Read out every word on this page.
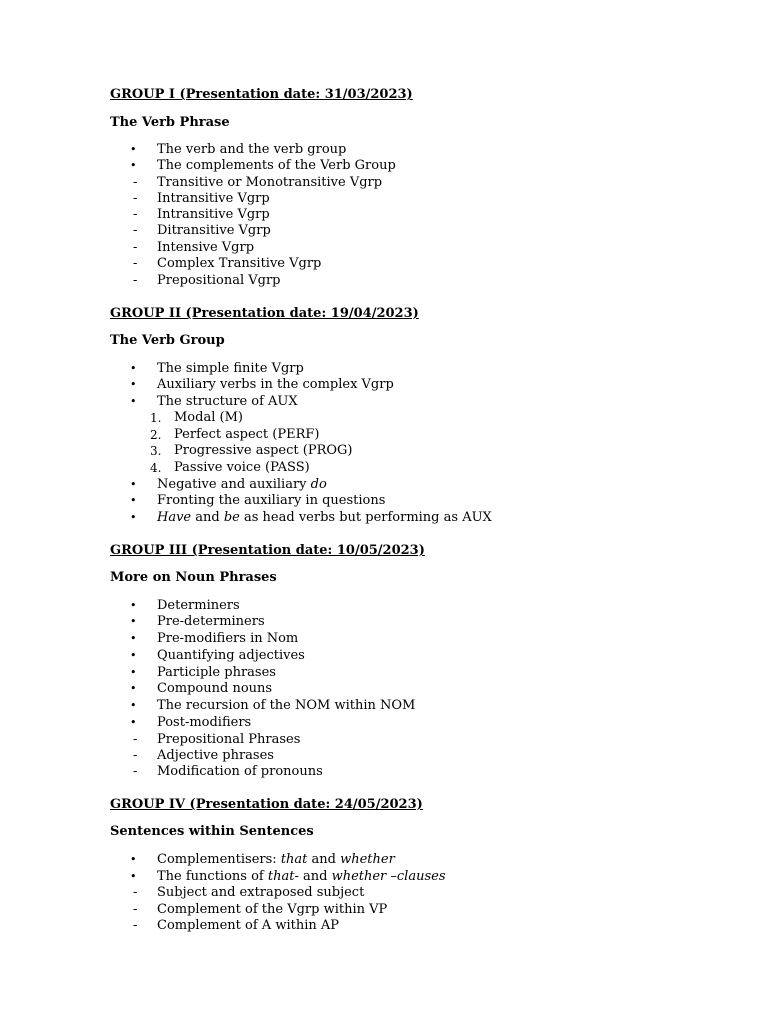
GROUP I (Presentation date: 31/03/2023)
The Verb Phrase
•	The verb and the verb group
•	The complements of the Verb Group
-	Transitive or Monotransitive Vgrp
-	Intransitive Vgrp
-	Intransitive Vgrp
-	Ditransitive Vgrp
-	Intensive Vgrp
-	Complex Transitive Vgrp
-	Prepositional Vgrp
GROUP II (Presentation date: 19/04/2023)
The Verb Group
•	The simple finite Vgrp
•	Auxiliary verbs in the complex Vgrp
•	The structure of AUX
1. Modal (M)
2. Perfect aspect (PERF)
3. Progressive aspect (PROG)
4. Passive voice (PASS)
•	Negative and auxiliary do
•	Fronting the auxiliary in questions
•	Have and be as head verbs but performing as AUX
GROUP III (Presentation date: 10/05/2023)
More on Noun Phrases
•	Determiners
•	Pre-determiners
•	Pre-modifiers in Nom
•	Quantifying adjectives
•	Participle phrases
•	Compound nouns
•	The recursion of the NOM within NOM
•	Post-modifiers
-	Prepositional Phrases
-	Adjective phrases
-	Modification of pronouns
GROUP IV (Presentation date: 24/05/2023)
Sentences within Sentences
•	Complementisers: that and whether
•	The functions of that- and whether –clauses
-	Subject and extraposed subject
-	Complement of the Vgrp within VP
-	Complement of A within AP
